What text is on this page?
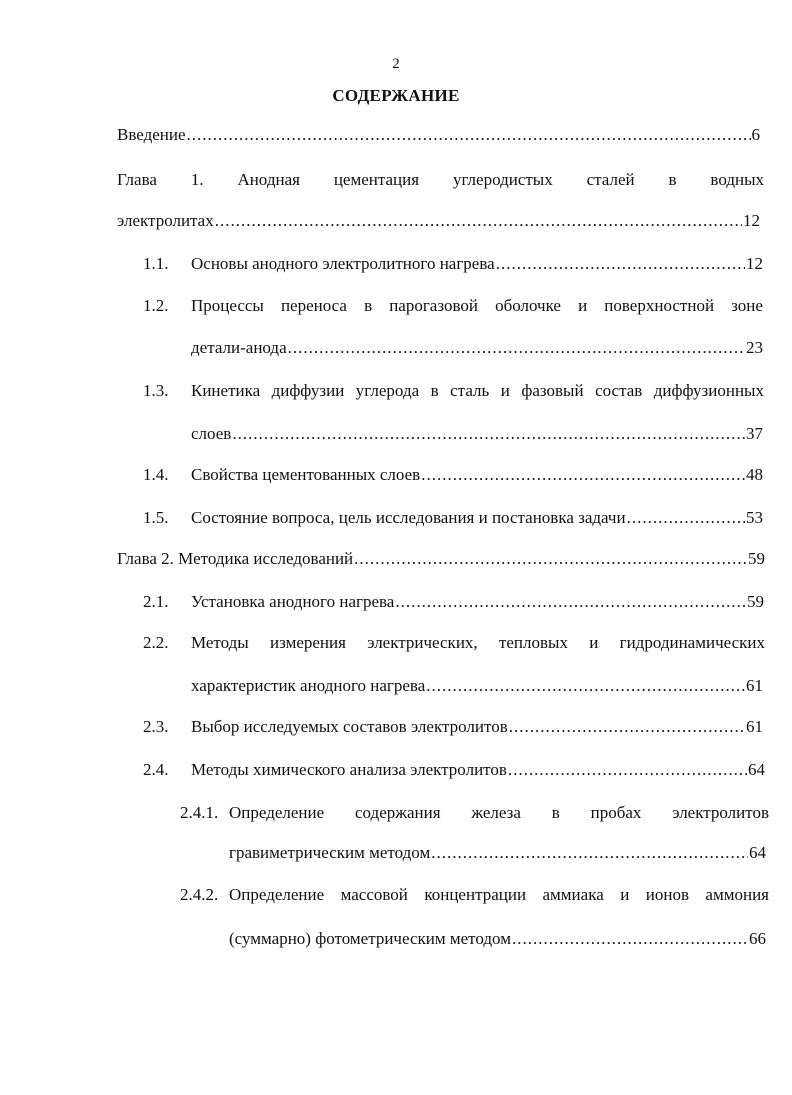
2
СОДЕРЖАНИЕ
Введение .....	6
Глава 1. Анодная цементация углеродистых сталей в водных
электролитах .....	12
1.1. Основы анодного электролитного нагрева .....	12
1.2. Процессы переноса в парогазовой оболочке и поверхностной зоне
детали-анода .....	23
1.3. Кинетика диффузии углерода в сталь и фазовый состав диффузионных
слоев .....	37
1.4. Свойства цементованных слоев .....	48
1.5. Состояние вопроса, цель исследования и постановка задачи .....	53
Глава 2. Методика исследований .....	59
2.1. Установка анодного нагрева .....	59
2.2. Методы измерения электрических, тепловых и гидродинамических
характеристик анодного нагрева .....	61
2.3. Выбор исследуемых составов электролитов .....	61
2.4. Методы химического анализа электролитов .....	64
2.4.1. Определение содержания железа в пробах электролитов
гравиметрическим методом .....	64
2.4.2. Определение массовой концентрации аммиака и ионов аммония
(суммарно) фотометрическим методом .....	66
